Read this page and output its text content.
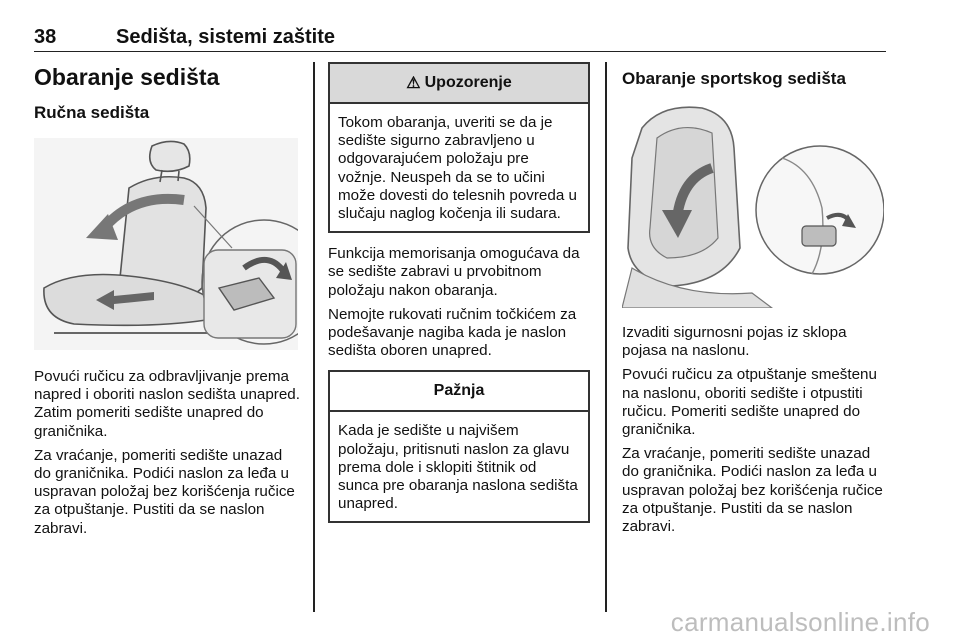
38	Sedišta, sistemi zaštite
Obaranje sedišta
Ručna sedišta

Povući ručicu za odbravljivanje prema napred i oboriti naslon sedišta unapred. Zatim pomeriti sedište unapred do graničnika.

Za vraćanje, pomeriti sedište unazad do graničnika. Podići naslon za leđa u uspravan položaj bez korišćenja ručice za otpuštanje. Pustiti da se naslon zabravi.

⚠ Upozorenje
Tokom obaranja, uveriti se da je sedište sigurno zabravljeno u odgovarajućem položaju pre vožnje. Neuspeh da se to učini može dovesti do telesnih povreda u slučaju naglog kočenja ili sudara.

Funkcija memorisanja omogućava da se sedište zabravi u prvobitnom položaju nakon obaranja.

Nemojte rukovati ručnim točkićem za podešavanje nagiba kada je naslon sedišta oboren unapred.

Pažnja
Kada je sedište u najvišem položaju, pritisnuti naslon za glavu prema dole i sklopiti štitnik od sunca pre obaranja naslona sedišta unapred.
Obaranje sportskog sedišta

Izvaditi sigurnosni pojas iz sklopa pojasa na naslonu.

Povući ručicu za otpuštanje smeštenu na naslonu, oboriti sedište i otpustiti ručicu. Pomeriti sedište unapred do graničnika.

Za vraćanje, pomeriti sedište unazad do graničnika. Podići naslon za leđa u uspravan položaj bez korišćenja ručice za otpuštanje. Pustiti da se naslon zabravi.

carmanualsonline.info
